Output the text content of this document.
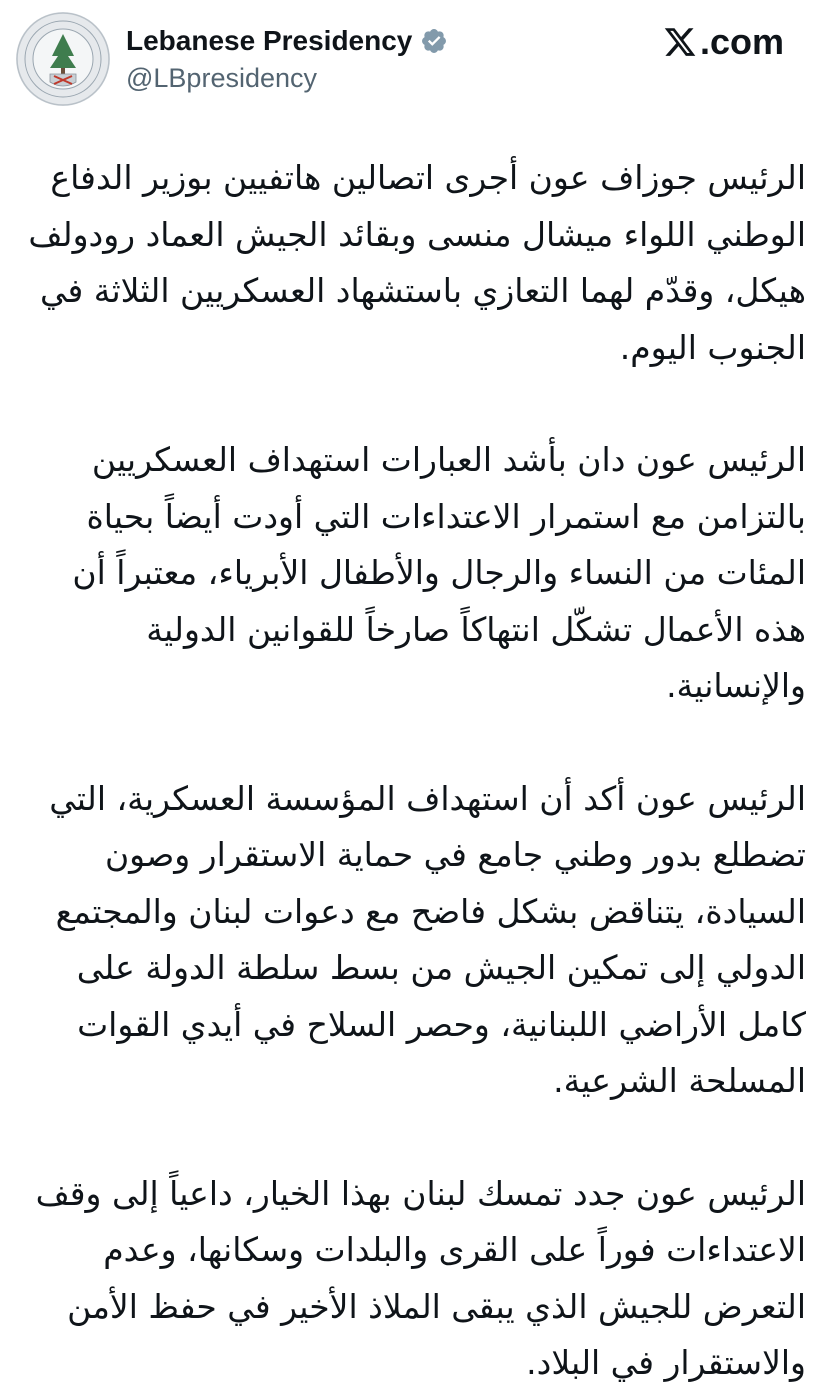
Lebanese Presidency
@LBpresidency
.com

الرئيس جوزاف عون أجرى اتصالين هاتفيين بوزير الدفاع الوطني اللواء ميشال منسى وبقائد الجيش العماد رودولف هيكل، وقدّم لهما التعازي باستشهاد العسكريين الثلاثة في الجنوب اليوم.

الرئيس عون دان بأشد العبارات استهداف العسكريين بالتزامن مع استمرار الاعتداءات التي أودت أيضاً بحياة المئات من النساء والرجال والأطفال الأبرياء، معتبراً أن هذه الأعمال تشكّل انتهاكاً صارخاً للقوانين الدولية والإنسانية.

الرئيس عون أكد أن استهداف المؤسسة العسكرية، التي تضطلع بدور وطني جامع في حماية الاستقرار وصون السيادة، يتناقض بشكل فاضح مع دعوات لبنان والمجتمع الدولي إلى تمكين الجيش من بسط سلطة الدولة على كامل الأراضي اللبنانية، وحصر السلاح في أيدي القوات المسلحة الشرعية.

الرئيس عون جدد تمسك لبنان بهذا الخيار، داعياً إلى وقف الاعتداءات فوراً على القرى والبلدات وسكانها، وعدم التعرض للجيش الذي يبقى الملاذ الأخير في حفظ الأمن والاستقرار في البلاد.
